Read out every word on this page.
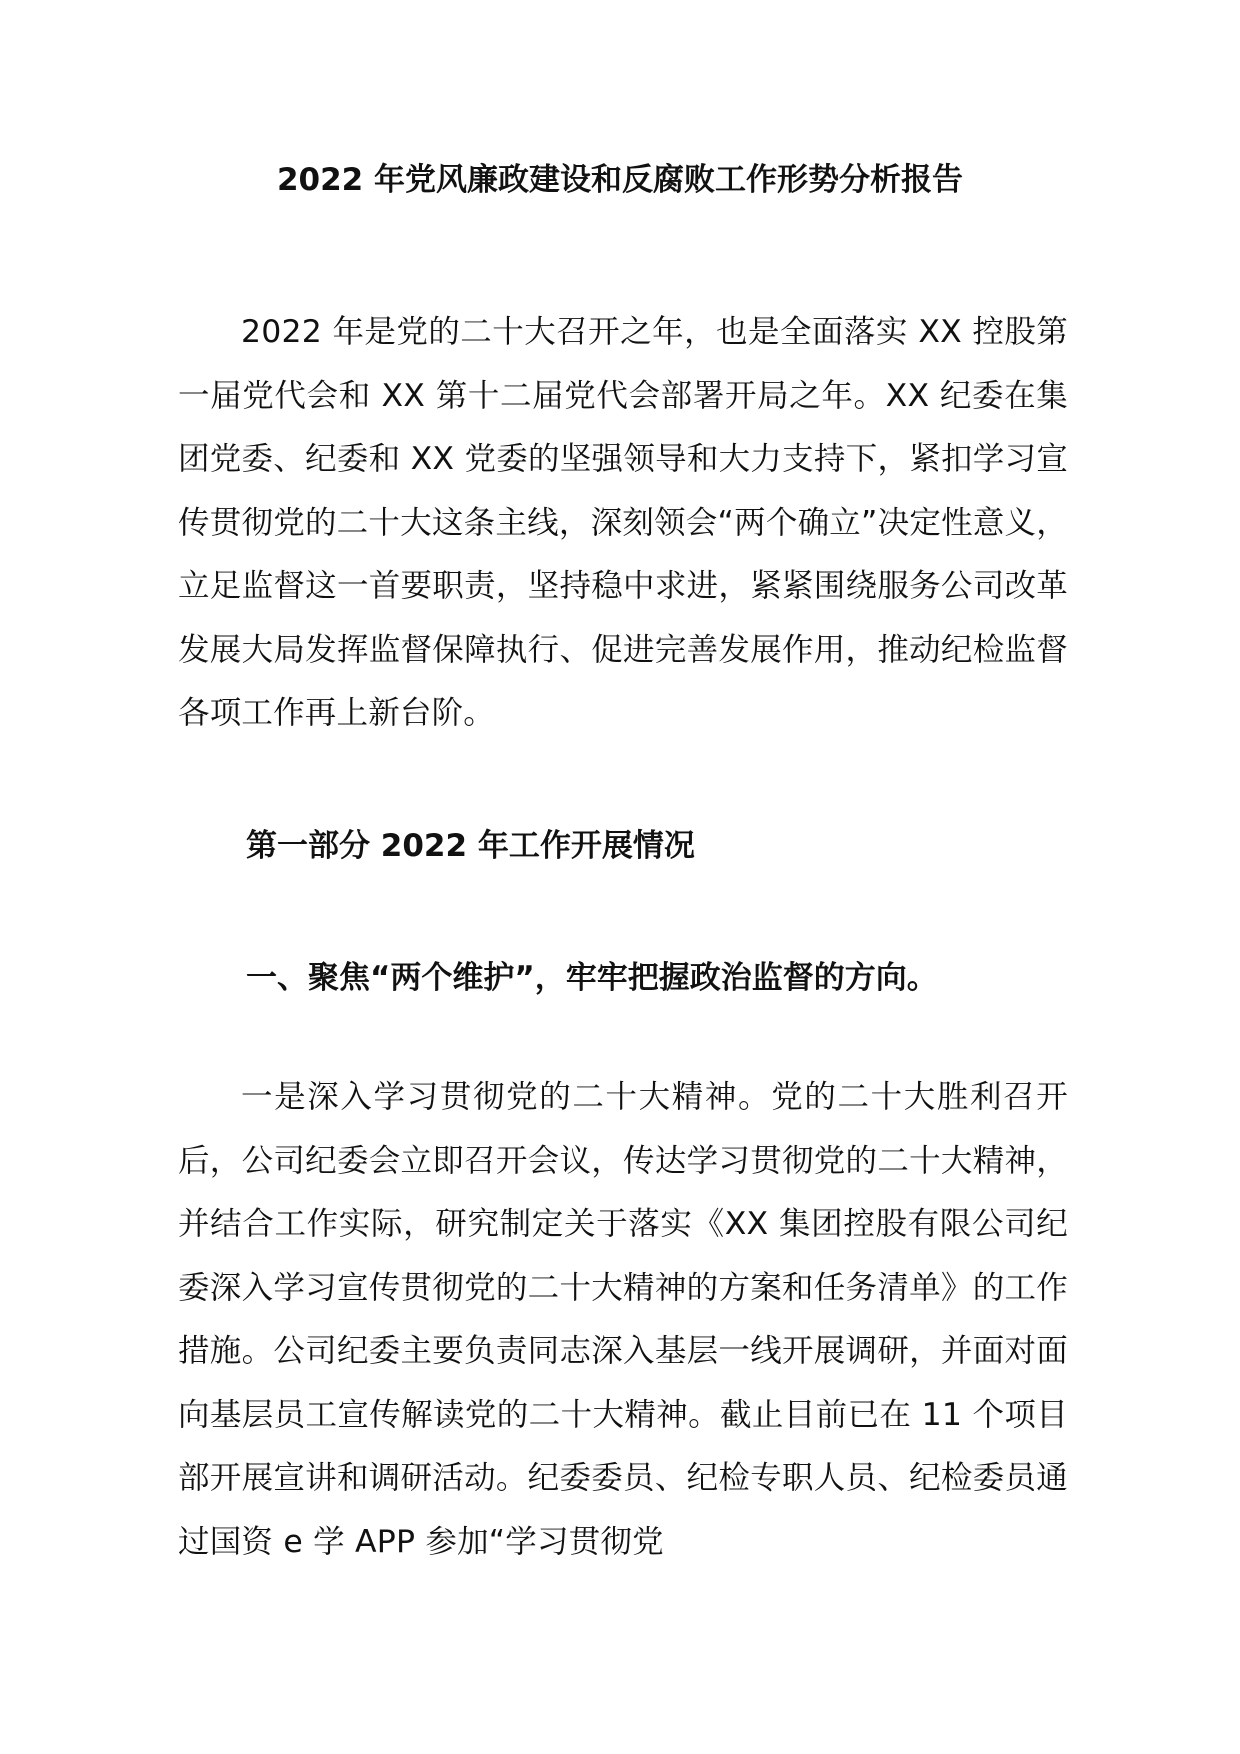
2022 年党风廉政建设和反腐败工作形势分析报告

2022 年是党的二十大召开之年，也是全面落实 XX 控股第一届党代会和 XX 第十二届党代会部署开局之年。XX 纪委在集团党委、纪委和 XX 党委的坚强领导和大力支持下，紧扣学习宣传贯彻党的二十大这条主线，深刻领会“两个确立”决定性意义，立足监督这一首要职责，坚持稳中求进，紧紧围绕服务公司改革发展大局发挥监督保障执行、促进完善发展作用，推动纪检监督各项工作再上新台阶。

第一部分 2022 年工作开展情况
一、聚焦“两个维护”，牢牢把握政治监督的方向。

一是深入学习贯彻党的二十大精神。党的二十大胜利召开后，公司纪委会立即召开会议，传达学习贯彻党的二十大精神，并结合工作实际，研究制定关于落实《XX 集团控股有限公司纪委深入学习宣传贯彻党的二十大精神的方案和任务清单》的工作措施。公司纪委主要负责同志深入基层一线开展调研，并面对面向基层员工宣传解读党的二十大精神。截止目前已在 11 个项目部开展宣讲和调研活动。纪委委员、纪检专职人员、纪检委员通过国资 e 学 APP 参加“学习贯彻党
